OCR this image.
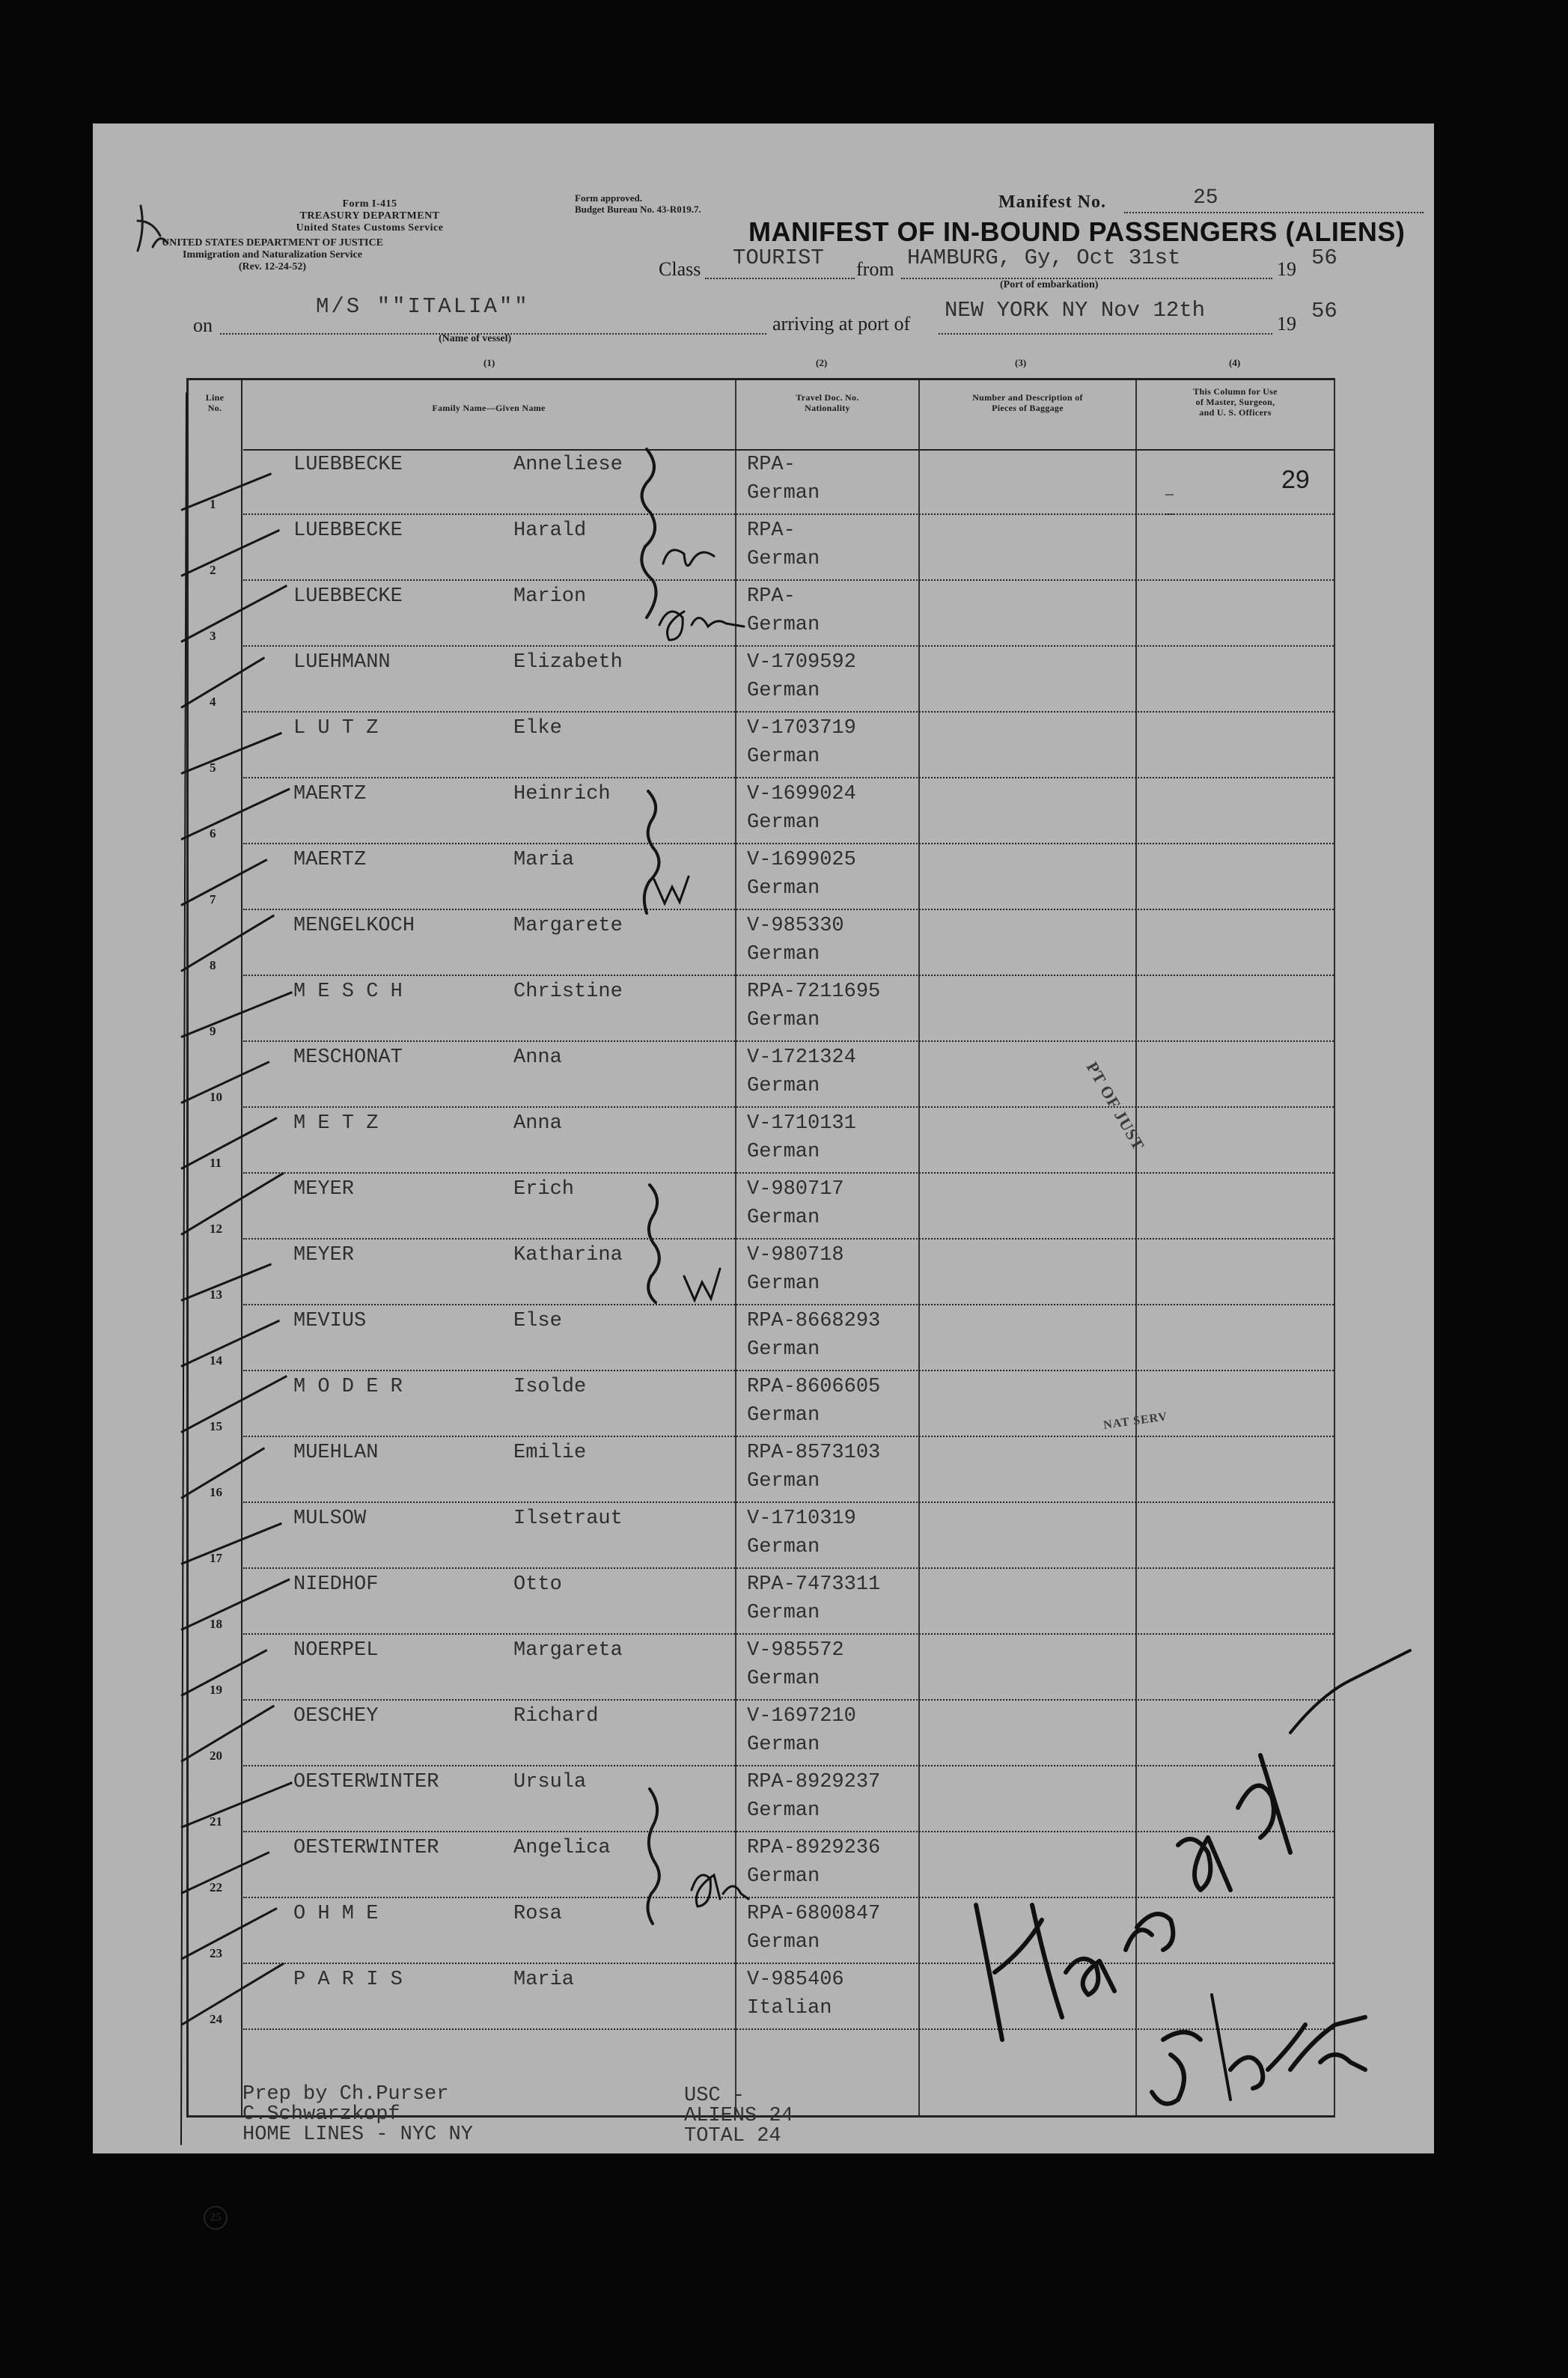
Form I-415
TREASURY DEPARTMENT
United States Customs Service
UNITED STATES DEPARTMENT OF JUSTICE
Immigration and Naturalization Service
(Rev. 12-24-52)
Form approved.
Budget Bureau No. 43-R019.7.	Manifest No.	25
MANIFEST OF IN-BOUND PASSENGERS (ALIENS)
Class TOURIST from HAMBURG, Gy, Oct 31st	19 56
(Port of embarkation)
on
M/S ""ITALIA""
(Name of vessel)
arriving at port of
NEW YORK NY Nov 12th
19
56
(1)	(2)	(3)	(4)
Line
No.	Family Name—Given Name
Travel Doc. No.
Nationality
Number and Description of
Pieces of Baggage
This Column for Use
of Master, Surgeon,
and U. S. Officers
1
LUEBBECKE	Anneliese	RPA-
German
2
LUEBBECKE	Harald	RPA-
German
3
LUEBBECKE	Marion	RPA-
German
4
LUEHMANN	Elizabeth	V-1709592
German
5
L U T Z	Elke	V-1703719
German
6
MAERTZ	Heinrich	V-1699024
German
7
MAERTZ	Maria	V-1699025
German
8
MENGELKOCH	Margarete	V-985330
German
9
M E S C H	Christine	RPA-7211695
German
10
MESCHONAT	Anna	V-1721324
German
11
M E T Z	Anna	V-1710131
German
12
MEYER	Erich	V-980717
German
13
MEYER	Katharina	V-980718
German
14
MEVIUS	Else	RPA-8668293
German
15
M O D E R	Isolde	RPA-8606605
German
16
MUEHLAN	Emilie	RPA-8573103
German
17
MULSOW	Ilsetraut	V-1710319
German
18
NIEDHOF	Otto	RPA-7473311
German
19
NOERPEL	Margareta	V-985572
German
20
OESCHEY	Richard	V-1697210
German
21
OESTERWINTER	Ursula	RPA-8929237
German
22
OESTERWINTER	Angelica	RPA-8929236
German
23
O H M E	Rosa	RPA-6800847
German
24
P A R I S	Maria	V-985406
Italian
29
– –
Prep by Ch.Purser
C.Schwarzkopf
HOME LINES - NYC NY
USC -
ALIENS 24
TOTAL 24
25
PT OF JUST
NAT SERV
